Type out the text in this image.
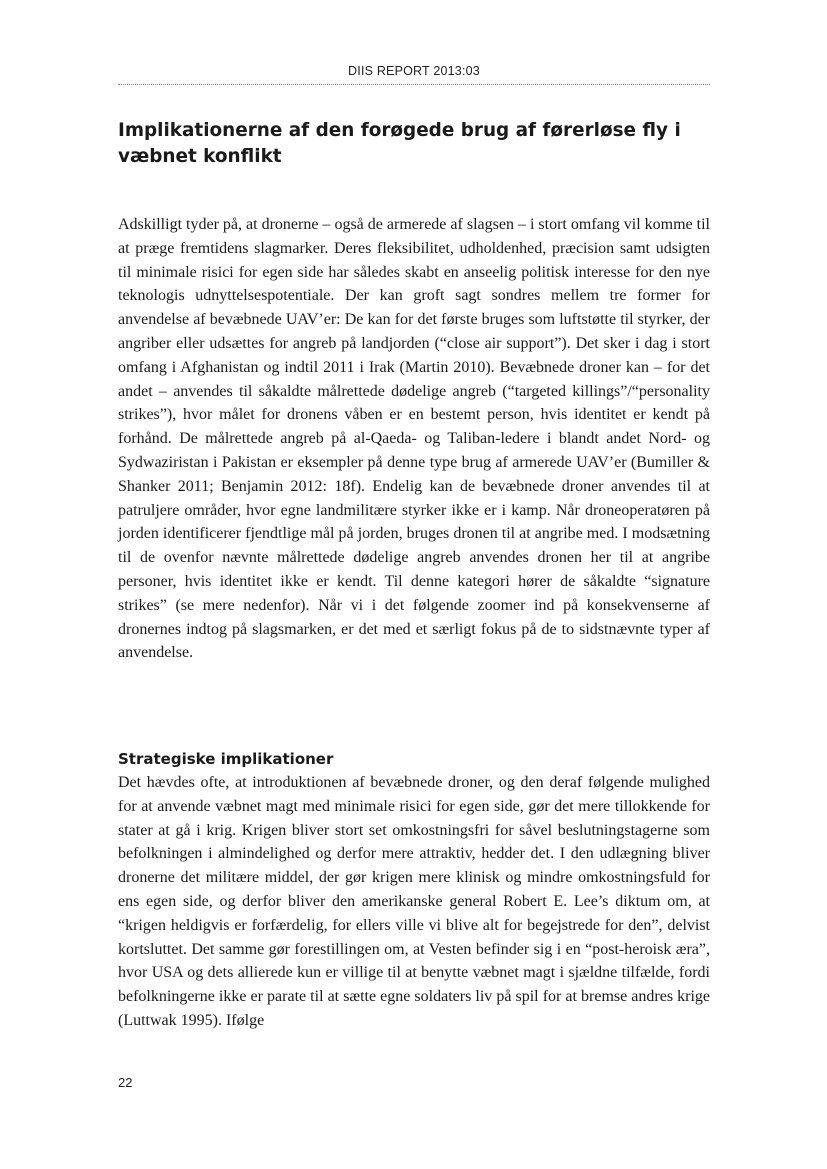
DIIS REPORT 2013:03
Implikationerne af den forøgede brug af førerløse fly i væbnet konflikt

Adskilligt tyder på, at dronerne – også de armerede af slagsen – i stort omfang vil komme til at præge fremtidens slagmarker. Deres fleksibilitet, udholdenhed, præcision samt udsigten til minimale risici for egen side har således skabt en anseelig politisk interesse for den nye teknologis udnyttelsespotentiale. Der kan groft sagt sondres mellem tre former for anvendelse af bevæbnede UAV’er: De kan for det første bruges som luftstøtte til styrker, der angriber eller udsættes for angreb på landjorden (“close air support”). Det sker i dag i stort omfang i Afghanistan og indtil 2011 i Irak (Martin 2010). Bevæbnede droner kan – for det andet – anvendes til såkaldte målrettede dødelige angreb (“targeted killings”/“personality strikes”), hvor målet for dronens våben er en bestemt person, hvis identitet er kendt på forhånd. De målrettede angreb på al-Qaeda- og Taliban-ledere i blandt andet Nord- og Sydwaziristan i Pakistan er eksempler på denne type brug af armerede UAV’er (Bumiller & Shanker 2011; Benjamin 2012: 18f). Endelig kan de bevæbnede droner anvendes til at patruljere områder, hvor egne landmilitære styrker ikke er i kamp. Når droneoperatøren på jorden identificerer fjendtlige mål på jorden, bruges dronen til at angribe med. I modsætning til de ovenfor nævnte målrettede dødelige angreb anvendes dronen her til at angribe personer, hvis identitet ikke er kendt. Til denne kategori hører de såkaldte “signature strikes” (se mere nedenfor). Når vi i det følgende zoomer ind på konsekvenserne af dronernes indtog på slagsmarken, er det med et særligt fokus på de to sidstnævnte typer af anvendelse.

Strategiske implikationer

Det hævdes ofte, at introduktionen af bevæbnede droner, og den deraf følgende mulighed for at anvende væbnet magt med minimale risici for egen side, gør det mere tillokkende for stater at gå i krig. Krigen bliver stort set omkostningsfri for såvel beslutningstagerne som befolkningen i almindelighed og derfor mere attraktiv, hedder det. I den udlægning bliver dronerne det militære middel, der gør krigen mere klinisk og mindre omkostningsfuld for ens egen side, og derfor bliver den amerikanske general Robert E. Lee’s diktum om, at “krigen heldigvis er forfærdelig, for ellers ville vi blive alt for begejstrede for den”, delvist kortsluttet. Det samme gør forestillingen om, at Vesten befinder sig i en “post-heroisk æra”, hvor USA og dets allierede kun er villige til at benytte væbnet magt i sjældne tilfælde, fordi befolkningerne ikke er parate til at sætte egne soldaters liv på spil for at bremse andres krige (Luttwak 1995). Ifølge

22
